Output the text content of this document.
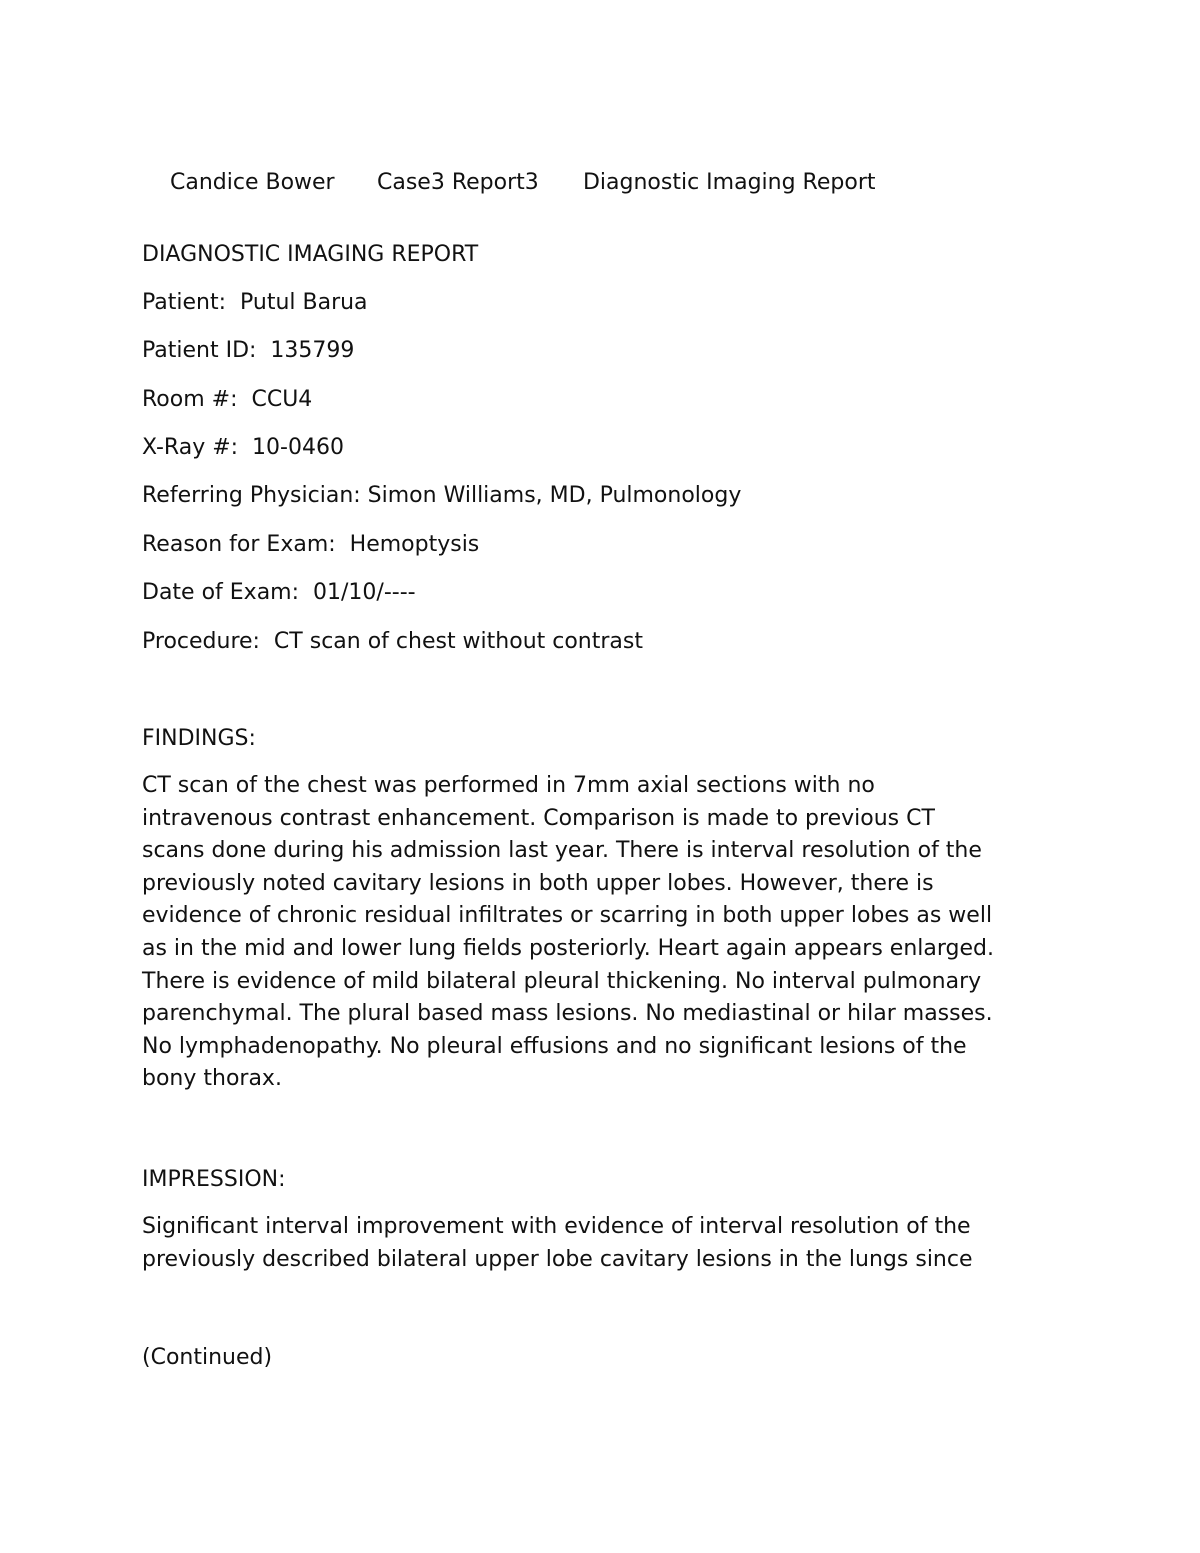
Candice Bower Case3 Report3 Diagnostic Imaging Report

DIAGNOSTIC IMAGING REPORT
Patient:  Putul Barua
Patient ID:  135799
Room #:  CCU4
X-Ray #:  10-0460
Referring Physician: Simon Williams, MD, Pulmonology
Reason for Exam:  Hemoptysis
Date of Exam:  01/10/----
Procedure:  CT scan of chest without contrast
FINDINGS:
CT scan of the chest was performed in 7mm axial sections with no
intravenous contrast enhancement. Comparison is made to previous CT
scans done during his admission last year. There is interval resolution of the
previously noted cavitary lesions in both upper lobes. However, there is
evidence of chronic residual infiltrates or scarring in both upper lobes as well
as in the mid and lower lung fields posteriorly. Heart again appears enlarged.
There is evidence of mild bilateral pleural thickening. No interval pulmonary
parenchymal. The plural based mass lesions. No mediastinal or hilar masses.
No lymphadenopathy. No pleural effusions and no significant lesions of the
bony thorax.
IMPRESSION:
Significant interval improvement with evidence of interval resolution of the
previously described bilateral upper lobe cavitary lesions in the lungs since
(Continued)
